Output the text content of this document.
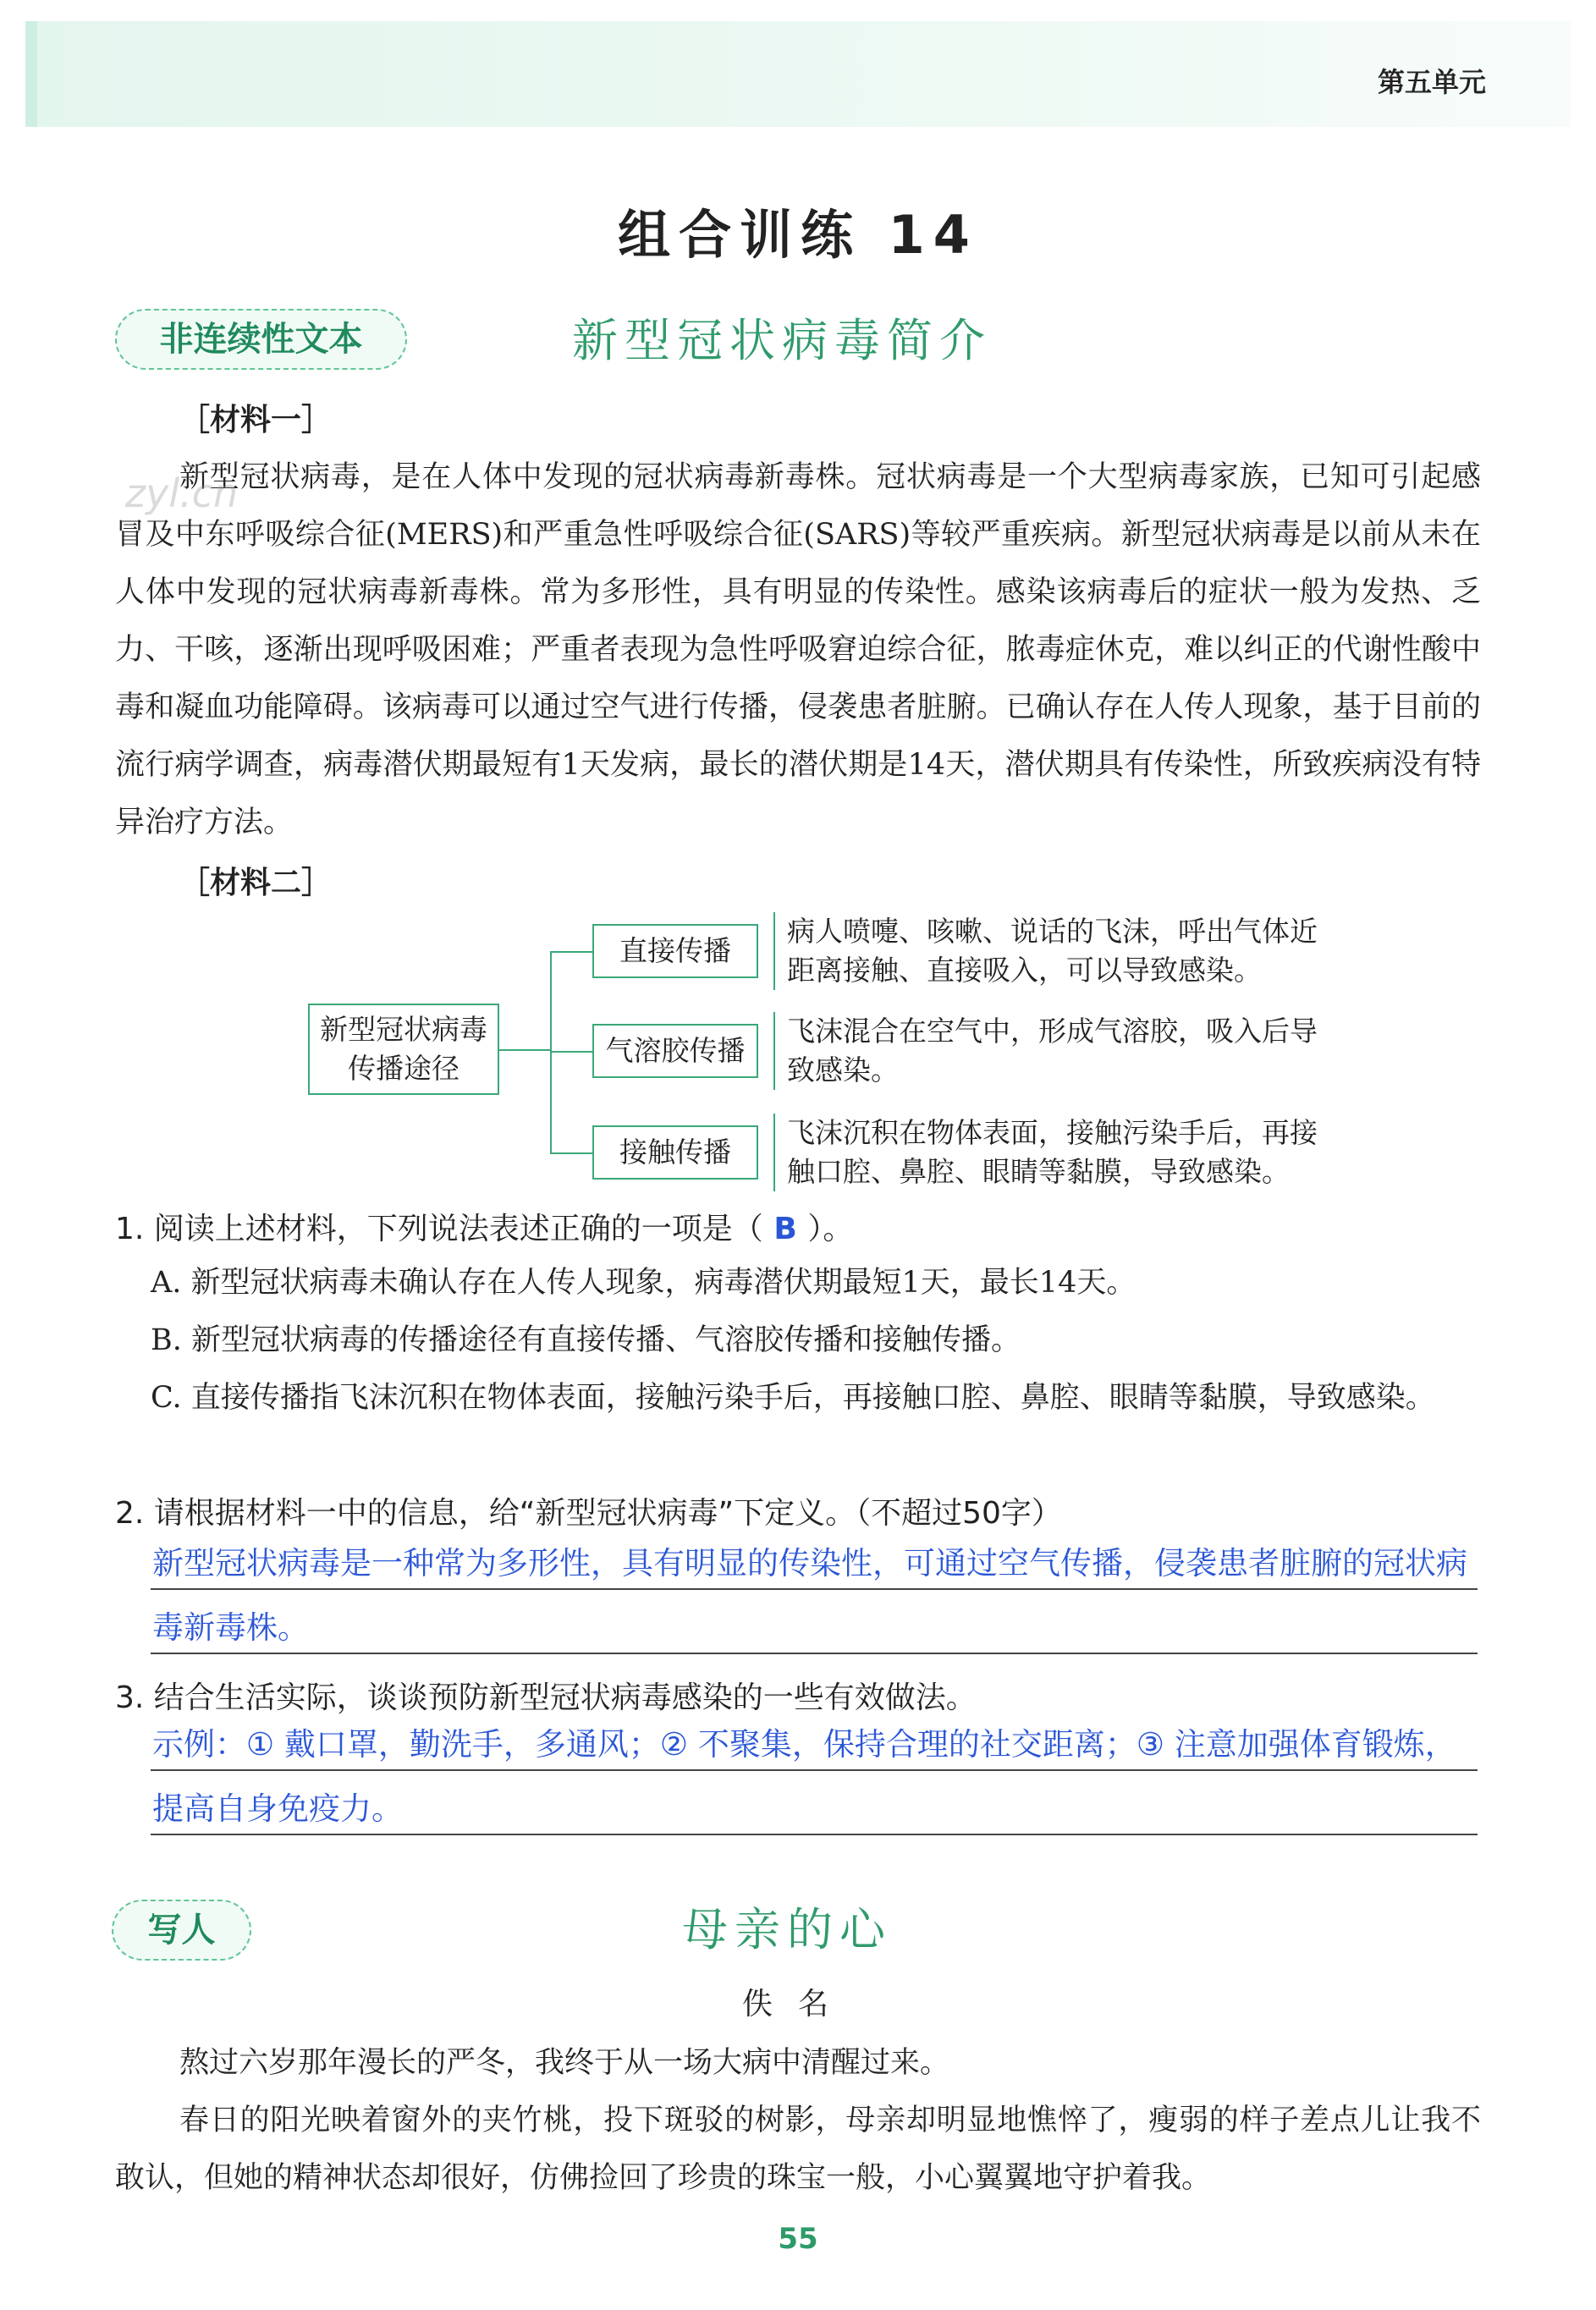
第五单元
组合训练 14
非连续性文本	新型冠状病毒简介
［材料一］

新型冠状病毒，是在人体中发现的冠状病毒新毒株。冠状病毒是一个大型病毒家族，已知可引起感冒及中东呼吸综合征(MERS)和严重急性呼吸综合征(SARS)等较严重疾病。新型冠状病毒是以前从未在人体中发现的冠状病毒新毒株。常为多形性，具有明显的传染性。感染该病毒后的症状一般为发热、乏力、干咳，逐渐出现呼吸困难；严重者表现为急性呼吸窘迫综合征，脓毒症休克，难以纠正的代谢性酸中毒和凝血功能障碍。该病毒可以通过空气进行传播，侵袭患者脏腑。已确认存在人传人现象，基于目前的流行病学调查，病毒潜伏期最短有1天发病，最长的潜伏期是14天，潜伏期具有传染性，所致疾病没有特异治疗方法。

zyl.cn
［材料二］
新型冠状病毒
传播途径
直接传播
气溶胶传播
接触传播
病人喷嚏、咳嗽、说话的飞沫，呼出气体近距离接触、直接吸入，可以导致感染。
飞沫混合在空气中，形成气溶胶，吸入后导致感染。
飞沫沉积在物体表面，接触污染手后，再接触口腔、鼻腔、眼睛等黏膜，导致感染。
1. 阅读上述材料，下列说法表述正确的一项是（ B ）。
A. 新型冠状病毒未确认存在人传人现象，病毒潜伏期最短1天，最长14天。
B. 新型冠状病毒的传播途径有直接传播、气溶胶传播和接触传播。
C. 直接传播指飞沫沉积在物体表面，接触污染手后，再接触口腔、鼻腔、眼睛等黏膜，导致感染。
2. 请根据材料一中的信息，给“新型冠状病毒”下定义。（不超过50字）

新型冠状病毒是一种常为多形性，具有明显的传染性，可通过空气传播，侵袭患者脏腑的冠状病毒新毒株。

3. 结合生活实际，谈谈预防新型冠状病毒感染的一些有效做法。

示例：① 戴口罩，勤洗手，多通风；② 不聚集，保持合理的社交距离；③ 注意加强体育锻炼，提高自身免疫力。

写人	母亲的心
佚名

熬过六岁那年漫长的严冬，我终于从一场大病中清醒过来。

春日的阳光映着窗外的夹竹桃，投下斑驳的树影，母亲却明显地憔悴了，瘦弱的样子差点儿让我不敢认，但她的精神状态却很好，仿佛捡回了珍贵的珠宝一般，小心翼翼地守护着我。

55
